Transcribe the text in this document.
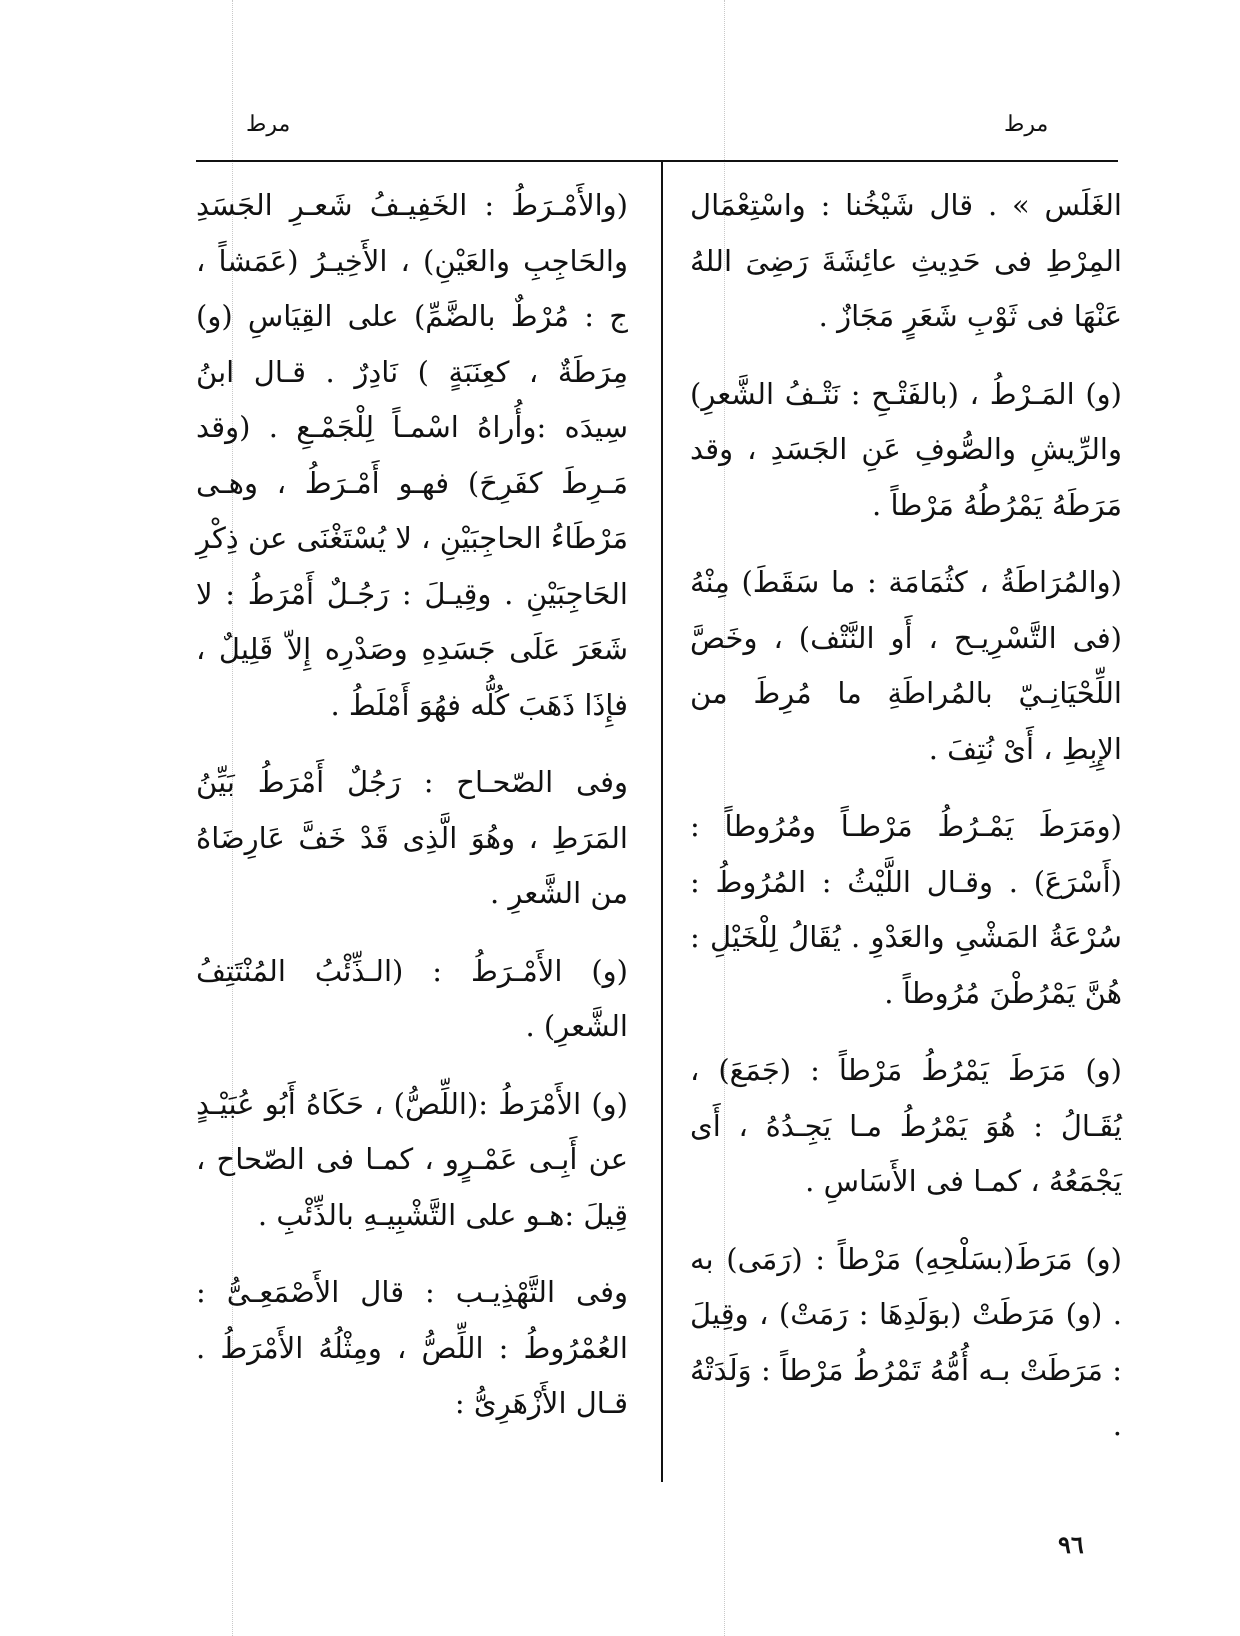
مرط	مرط

الغَلَس » . قال شَيْخُنا : واسْتِعْمَال المِرْطِ فى حَدِيثِ عائِشَةَ رَضِىَ اللهُ عَنْهَا فى ثَوْبِ شَعَرٍ مَجَازٌ .

(و) المَـرْطُ ، (بالفَتْـحِ : نَتْـفُ الشَّعرِ) والرِّيشِ والصُّوفِ عَنِ الجَسَدِ ، وقد مَرَطَهُ يَمْرُطُهُ مَرْطاً .

(والمُرَاطَةُ ، كثُمَامَة : ما سَقَطَ) مِنْهُ (فى التَّسْرِيـح ، أَو النَّتْف) ، وخَصَّ اللِّحْيَانِـيّ بالمُراطَةِ ما مُرِطَ من الإِبِطِ ، أَىْ نُتِفَ .

(ومَرَطَ يَمْـرُطُ مَرْطـاً ومُرُوطاً : (أَسْرَعَ) . وقـال اللَّيْثُ : المُرُوطُ : سُرْعَةُ المَشْىِ والعَدْوِ . يُقَالُ لِلْخَيْلِ : هُنَّ يَمْرُطْنَ مُرُوطاً .

(و) مَرَطَ يَمْرُطُ مَرْطاً : (جَمَعَ) ، يُقَـالُ : هُوَ يَمْرُطُ مـا يَجِـدُهُ ، أَى يَجْمَعُهُ ، كمـا فى الأَسَاسِ .

(و) مَرَطَ(بسَلْحِهِ) مَرْطاً : (رَمَى) به . (و) مَرَطَتْ (بوَلَدِهَا : رَمَتْ) ، وقِيلَ : مَرَطَتْ بـه أُمُّهُ تَمْرُطُ مَرْطاً : وَلَدَتْهُ .

(والأَمْـرَطُ : الخَفِيـفُ شَعـرِ الجَسَدِ والحَاجِبِ والعَيْنِ) ، الأَخِيـرُ (عَمَشاً ، ج : مُرْطٌ بالضَّمِّ) على القِيَاسِ (و) مِرَطَةٌ ، كعِنَبَةٍ ) نَادِرٌ . قـال ابنُ سِيدَه :وأُراهُ اسْمـاً لِلْجَمْـعِ . (وقد مَـرِطَ كفَرِحَ) فهـو أَمْـرَطُ ، وهـى مَرْطَاءُ الحاجِبَيْنِ ، لا يُسْتَغْنَى عن ذِكْرِ الحَاجِبَيْنِ . وقِيـلَ : رَجُـلٌ أَمْرَطُ : لا شَعَرَ عَلَى جَسَدِهِ وصَدْرِه إِلاّ قَلِيلٌ ، فإِذَا ذَهَبَ كُلُّه فهُوَ أَمْلَطُ .

وفى الصّحـاح : رَجُلٌ أَمْرَطُ بَيِّنُ المَرَطِ ، وهُوَ الَّذِى قَدْ خَفَّ عَارِضَاهُ من الشَّعرِ .

(و) الأَمْـرَطُ : (الـذِّئْبُ المُنْتَتِفُ الشَّعرِ) .

(و) الأَمْرَطُ :(اللِّصُّ) ، حَكَاهُ أَبُو عُبَيْـدٍ عن أَبِـى عَمْـرٍو ، كمـا فى الصّحاح ، قِيلَ :هـو على التَّشْبِيـهِ بالذِّئْبِ .

وفى التَّهْذِيـب : قال الأَصْمَعِـىُّ : العُمْرُوطُ : اللِّصُّ ، ومِثْلُهُ الأَمْرَطُ . قـال الأَزْهَرِىُّ :

٩٦
